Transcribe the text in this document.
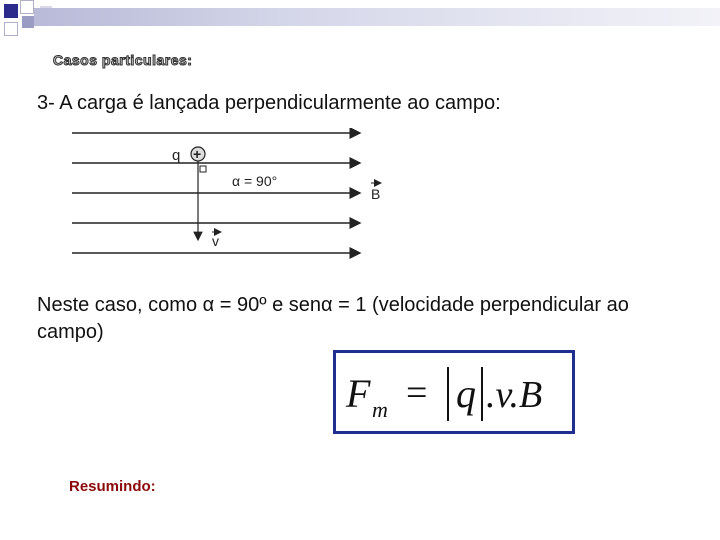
Casos particulares:
3- A carga é lançada perpendicularmente ao campo:
+
q
α = 90°
B
v
Neste caso, como α = 90º e senα = 1 (velocidade perpendicular ao campo)
F m = q .v.B
Resumindo:
